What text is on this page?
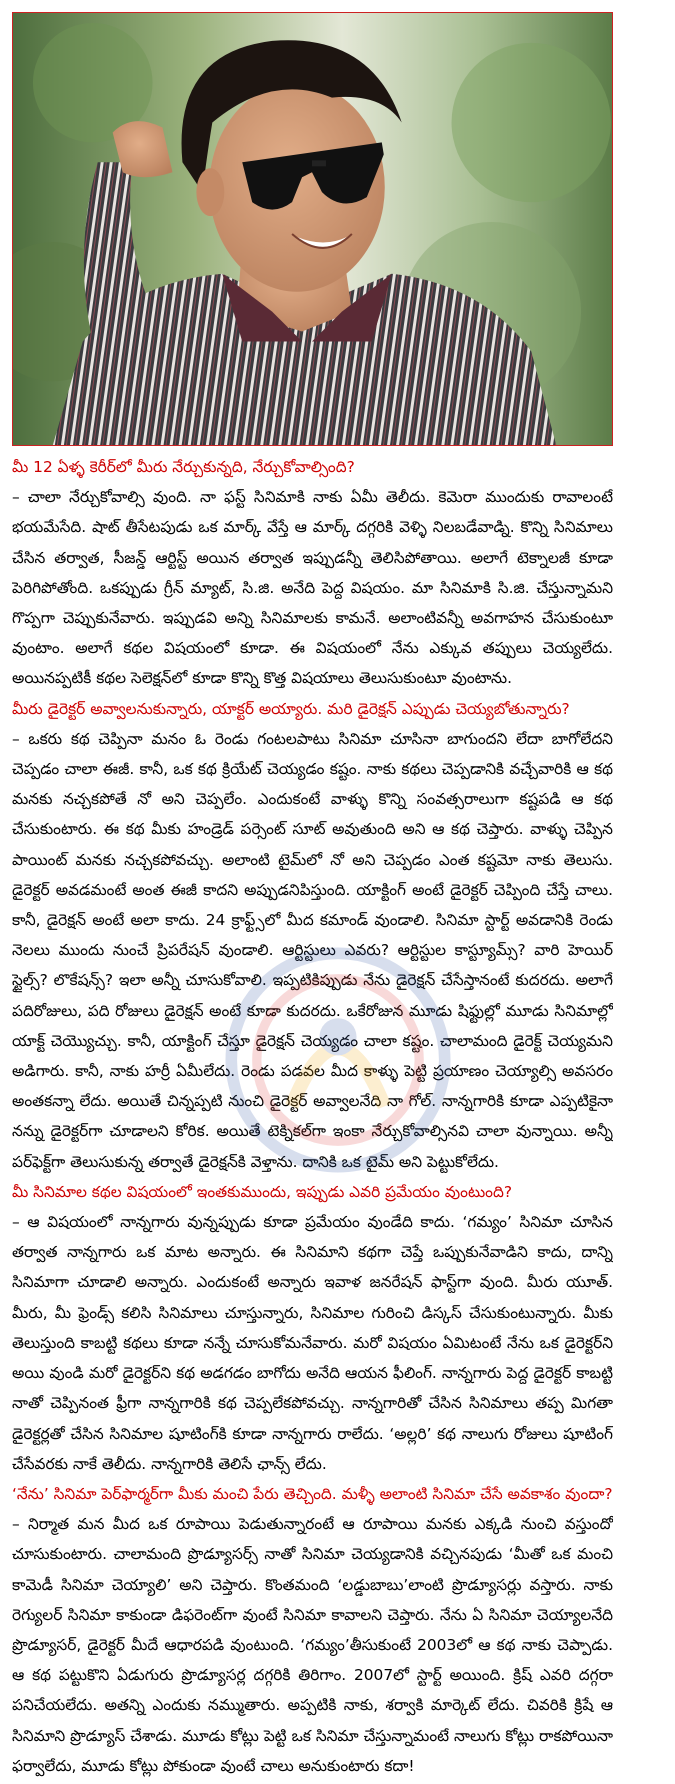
మీ 12 ఏళ్ళ కెరీర్‌లో మీరు నేర్చుకున్నది, నేర్చుకోవాల్సింది?

– చాలా నేర్చుకోవాల్సి వుంది. నా ఫస్ట్ సినిమాకి నాకు ఏమీ తెలీదు. కెమెరా ముందుకు రావాలంటే భయమేసేది. షాట్ తీసేటపుడు ఒక మార్క్ వేస్తే ఆ మార్క్ దగ్గరికి వెళ్ళి నిలబడేవాడ్ని. కొన్ని సినిమాలు చేసిన తర్వాత, సీజన్డ్ ఆర్టిస్ట్ అయిన తర్వాత ఇప్పుడన్నీ తెలిసిపోతాయి. అలాగే టెక్నాలజీ కూడా పెరిగిపోతోంది. ఒకప్పుడు గ్రీన్ మ్యాట్, సి.జి. అనేది పెద్ద విషయం. మా సినిమాకి సి.జి. చేస్తున్నామని గొప్పగా చెప్పుకునేవారు. ఇప్పుడవి అన్ని సినిమాలకు కామనే. అలాంటివన్నీ అవగాహన చేసుకుంటూ వుంటాం. అలాగే కథల విషయంలో కూడా. ఈ విషయంలో నేను ఎక్కువ తప్పులు చెయ్యలేదు. అయినప్పటికీ కథల సెలెక్షన్‌లో కూడా కొన్ని కొత్త విషయాలు తెలుసుకుంటూ వుంటాను.

మీరు డైరెక్టర్ అవ్వాలనుకున్నారు, యాక్టర్ అయ్యారు. మరి డైరెక్షన్ ఎప్పుడు చెయ్యబోతున్నారు?

– ఒకరు కథ చెప్పినా మనం ఓ రెండు గంటలపాటు సినిమా చూసినా బాగుందని లేదా బాగోలేదని చెప్పడం చాలా ఈజీ. కానీ, ఒక కథ క్రియేట్ చెయ్యడం కష్టం. నాకు కథలు చెప్పడానికి వచ్చేవారికి ఆ కథ మనకు నచ్చకపోతే నో అని చెప్పలేం. ఎందుకంటే వాళ్ళు కొన్ని సంవత్సరాలుగా కష్టపడి ఆ కథ చేసుకుంటారు. ఈ కథ మీకు హండ్రెడ్ పర్సెంట్ సూట్ అవుతుంది అని ఆ కథ చెప్తారు. వాళ్ళు చెప్పిన పాయింట్ మనకు నచ్చకపోవచ్చు. అలాంటి టైమ్‌లో నో అని చెప్పడం ఎంత కష్టమో నాకు తెలుసు. డైరెక్టర్ అవడమంటే అంత ఈజీ కాదని అప్పుడనిపిస్తుంది. యాక్టింగ్ అంటే డైరెక్టర్ చెప్పింది చేస్తే చాలు. కానీ, డైరెక్షన్ అంటే అలా కాదు. 24 క్రాఫ్ట్స్‌లో మీద కమాండ్ వుండాలి. సినిమా స్టార్ట్ అవడానికి రెండు నెలలు ముందు నుంచే ప్రిపరేషన్ వుండాలి. ఆర్టిస్టులు ఎవరు? ఆర్టిస్టుల కాస్ట్యూమ్స్? వారి హెయిర్ స్టైల్స్? లొకేషన్స్? ఇలా అన్నీ చూసుకోవాలి. ఇప్పటికిప్పుడు నేను డైరెక్షన్ చేసేస్తానంటే కుదరదు. అలాగే పదిరోజులు, పది రోజులు డైరెక్షన్ అంటే కూడా కుదరదు. ఒకేరోజున మూడు షిఫ్టుల్లో మూడు సినిమాల్లో యాక్ట్ చెయ్యొచ్చు. కానీ, యాక్టింగ్ చేస్తూ డైరెక్షన్ చెయ్యడం చాలా కష్టం. చాలామంది డైరెక్ట్ చెయ్యమని అడిగారు. కానీ, నాకు హర్రీ ఏమీలేదు. రెండు పడవల మీద కాళ్ళు పెట్టి ప్రయాణం చెయ్యాల్సి అవసరం అంతకన్నా లేదు. అయితే చిన్నప్పటి నుంచి డైరెక్టర్ అవ్వాలనేది నా గోల్. నాన్నగారికి కూడా ఎప్పటికైనా నన్ను డైరెక్టర్‌గా చూడాలని కోరిక. అయితే టెక్నికల్‌గా ఇంకా నేర్చుకోవాల్సినవి చాలా వున్నాయి. అన్నీ పర్‌ఫెక్ట్‌గా తెలుసుకున్న తర్వాతే డైరెక్షన్‌కి వెళ్తాను. దానికి ఒక టైమ్ అని పెట్టుకోలేదు.

మీ సినిమాల కథల విషయంలో ఇంతకుముందు, ఇప్పుడు ఎవరి ప్రమేయం వుంటుంది?

– ఆ విషయంలో నాన్నగారు వున్నప్పుడు కూడా ప్రమేయం వుండేది కాదు. ‘గమ్యం’ సినిమా చూసిన తర్వాత నాన్నగారు ఒక మాట అన్నారు. ఈ సినిమాని కథగా చెప్తే ఒప్పుకునేవాడిని కాదు, దాన్ని సినిమాగా చూడాలి అన్నారు. ఎందుకంటే అన్నారు ఇవాళ జనరేషన్ ఫాస్ట్‌గా వుంది. మీరు యూత్. మీరు, మీ ఫ్రెండ్స్ కలిసి సినిమాలు చూస్తున్నారు, సినిమాల గురించి డిస్కస్ చేసుకుంటున్నారు. మీకు తెలుస్తుంది కాబట్టి కథలు కూడా నన్నే చూసుకోమనేవారు. మరో విషయం ఏమిటంటే నేను ఒక డైరెక్టర్‌ని అయి వుండి మరో డైరెక్టర్‌ని కథ అడగడం బాగోదు అనేది ఆయన ఫీలింగ్. నాన్నగారు పెద్ద డైరెక్టర్ కాబట్టి నాతో చెప్పినంత ఫ్రీగా నాన్నగారికి కథ చెప్పలేకపోవచ్చు. నాన్నగారితో చేసిన సినిమాలు తప్ప మిగతా డైరెక్టర్లతో చేసిన సినిమాల షూటింగ్‌కి కూడా నాన్నగారు రాలేదు. ‘అల్లరి’ కథ నాలుగు రోజులు షూటింగ్ చేసేవరకు నాకే తెలీదు. నాన్నగారికి తెలిసే ఛాన్స్ లేదు.

‘నేను’ సినిమా పెర్‌ఫార్మర్‌గా మీకు మంచి పేరు తెచ్చింది. మళ్ళీ అలాంటి సినిమా చేసే అవకాశం వుందా?

– నిర్మాత మన మీద ఒక రూపాయి పెడుతున్నారంటే ఆ రూపాయి మనకు ఎక్కడి నుంచి వస్తుందో చూసుకుంటారు. చాలామంది ప్రొడ్యూసర్స్ నాతో సినిమా చెయ్యడానికి వచ్చినపుడు ‘మీతో ఒక మంచి కామెడీ సినిమా చెయ్యాలి’ అని చెప్తారు. కొంతమంది ‘లడ్డుబాబు’లాంటి ప్రొడ్యూసర్లు వస్తారు. నాకు రెగ్యులర్ సినిమా కాకుండా డిఫరెంట్‌గా వుంటే సినిమా కావాలని చెప్తారు. నేను ఏ సినిమా చెయ్యాలనేది ప్రొడ్యూసర్, డైరెక్టర్ మీదే ఆధారపడి వుంటుంది. ‘గమ్యం’తీసుకుంటే 2003లో ఆ కథ నాకు చెప్పాడు. ఆ కథ పట్టుకొని ఏడుగురు ప్రొడ్యూసర్ల దగ్గరికి తిరిగాం. 2007లో స్టార్ట్ అయింది. క్రిష్ ఎవరి దగ్గరా పనిచేయలేదు. అతన్ని ఎందుకు నమ్ముతారు. అప్పటికి నాకు, శర్వాకి మార్కెట్ లేదు. చివరికి క్రిషే ఆ సినిమాని ప్రొడ్యూస్ చేశాడు. మూడు కోట్లు పెట్టి ఒక సినిమా చేస్తున్నామంటే నాలుగు కోట్లు రాకపోయినా ఫర్వాలేదు, మూడు కోట్లు పోకుండా వుంటే చాలు అనుకుంటారు కదా!
